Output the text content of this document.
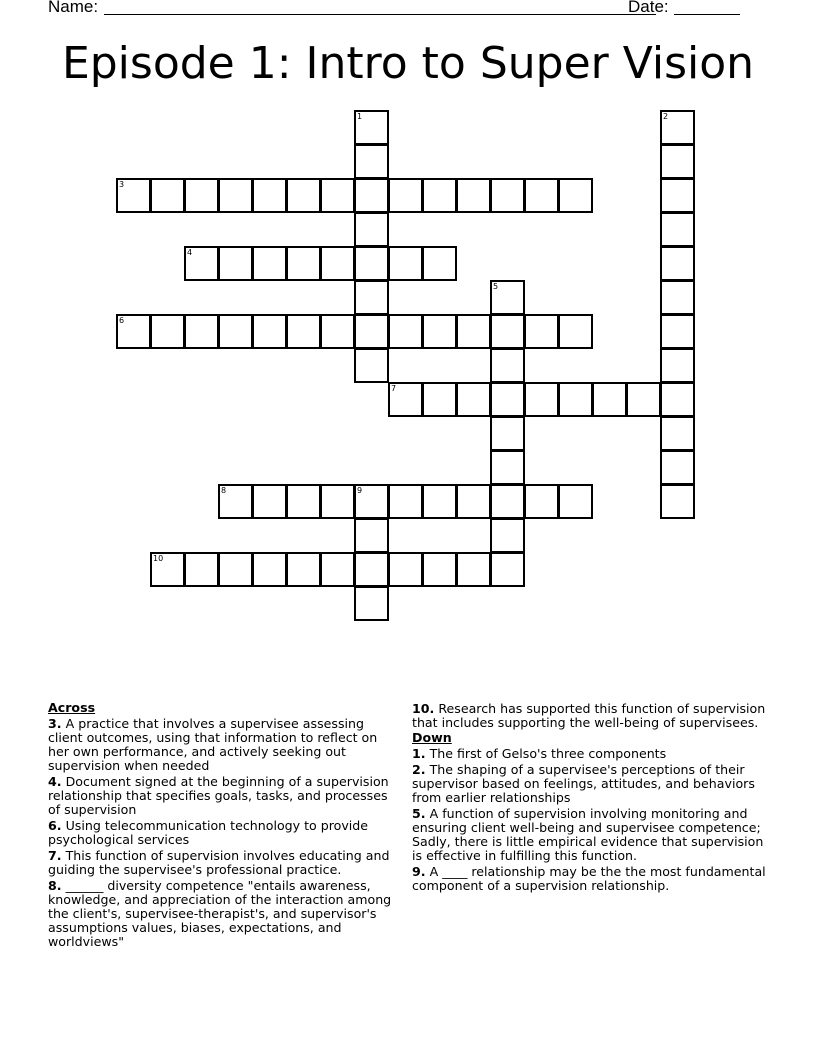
Name:	Date:
Episode 1: Intro to Super Vision
1	2
3
4
5
6
7
8	9
10
Across
3. A practice that involves a supervisee assessing client outcomes, using that information to reflect on her own performance, and actively seeking out supervision when needed
4. Document signed at the beginning of a supervision relationship that specifies goals, tasks, and processes of supervision
6. Using telecommunication technology to provide psychological services
7. This function of supervision involves educating and guiding the supervisee's professional practice.
8. ______ diversity competence "entails awareness, knowledge, and appreciation of the interaction among the client's, supervisee-therapist's, and supervisor's assumptions values, biases, expectations, and worldviews"
10. Research has supported this function of supervision that includes supporting the well-being of supervisees.
Down
1. The first of Gelso's three components
2. The shaping of a supervisee's perceptions of their supervisor based on feelings, attitudes, and behaviors from earlier relationships
5. A function of supervision involving monitoring and ensuring client well-being and supervisee competence; Sadly, there is little empirical evidence that supervision is effective in fulfilling this function.
9. A ____ relationship may be the the most fundamental component of a supervision relationship.
